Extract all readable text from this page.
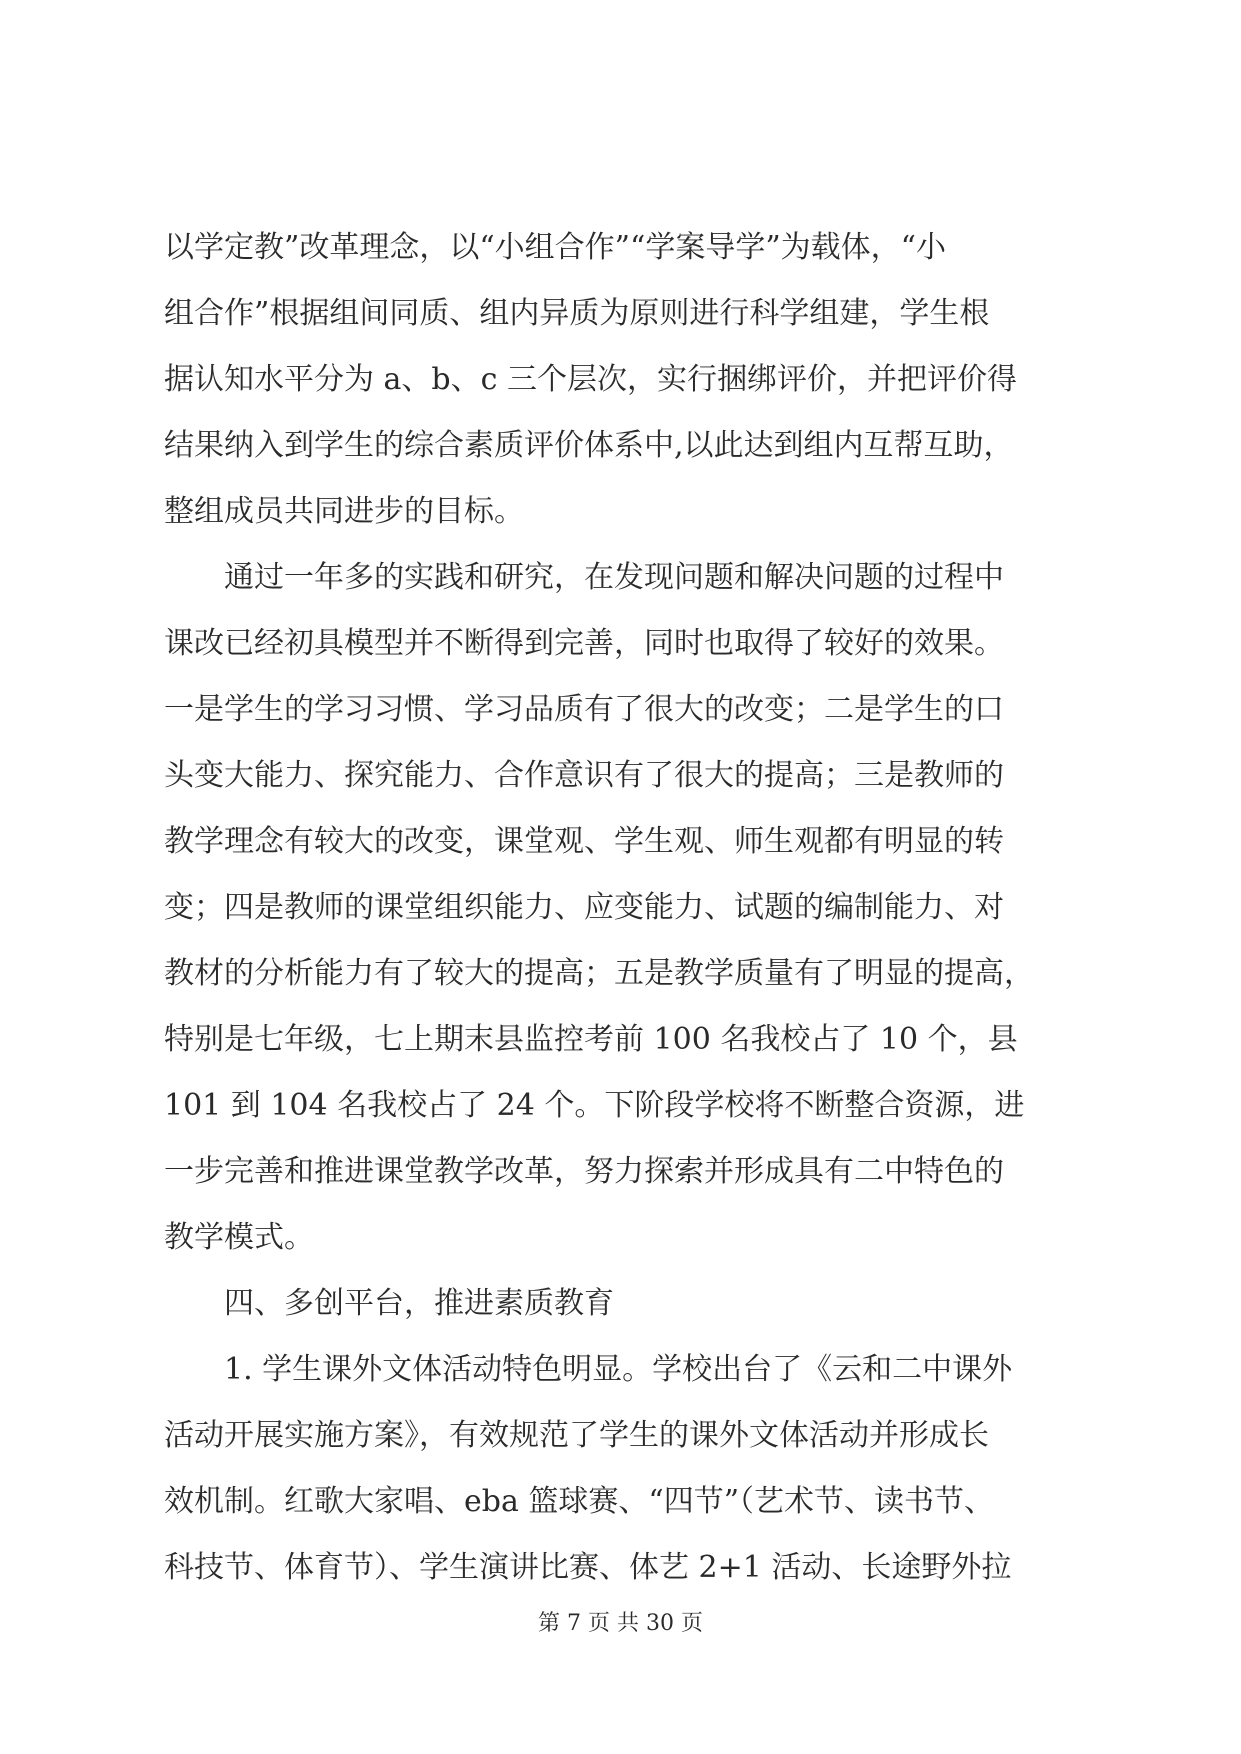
以学定教”改革理念，以“小组合作”“学案导学”为载体，“小
组合作”根据组间同质、组内异质为原则进行科学组建，学生根
据认知水平分为 a、b、c 三个层次，实行捆绑评价，并把评价得
结果纳入到学生的综合素质评价体系中,以此达到组内互帮互助，
整组成员共同进步的目标。
　　通过一年多的实践和研究，在发现问题和解决问题的过程中
课改已经初具模型并不断得到完善，同时也取得了较好的效果。
一是学生的学习习惯、学习品质有了很大的改变；二是学生的口
头变大能力、探究能力、合作意识有了很大的提高；三是教师的
教学理念有较大的改变，课堂观、学生观、师生观都有明显的转
变；四是教师的课堂组织能力、应变能力、试题的编制能力、对
教材的分析能力有了较大的提高；五是教学质量有了明显的提高，
特别是七年级，七上期末县监控考前 100 名我校占了 10 个，县
101 到 104 名我校占了 24 个。下阶段学校将不断整合资源，进
一步完善和推进课堂教学改革，努力探索并形成具有二中特色的
教学模式。
　　四、多创平台，推进素质教育
　　1. 学生课外文体活动特色明显。学校出台了《云和二中课外
活动开展实施方案》，有效规范了学生的课外文体活动并形成长
效机制。红歌大家唱、eba 篮球赛、“四节”（艺术节、读书节、
科技节、体育节）、学生演讲比赛、体艺 2+1 活动、长途野外拉
第 7 页 共 30 页
